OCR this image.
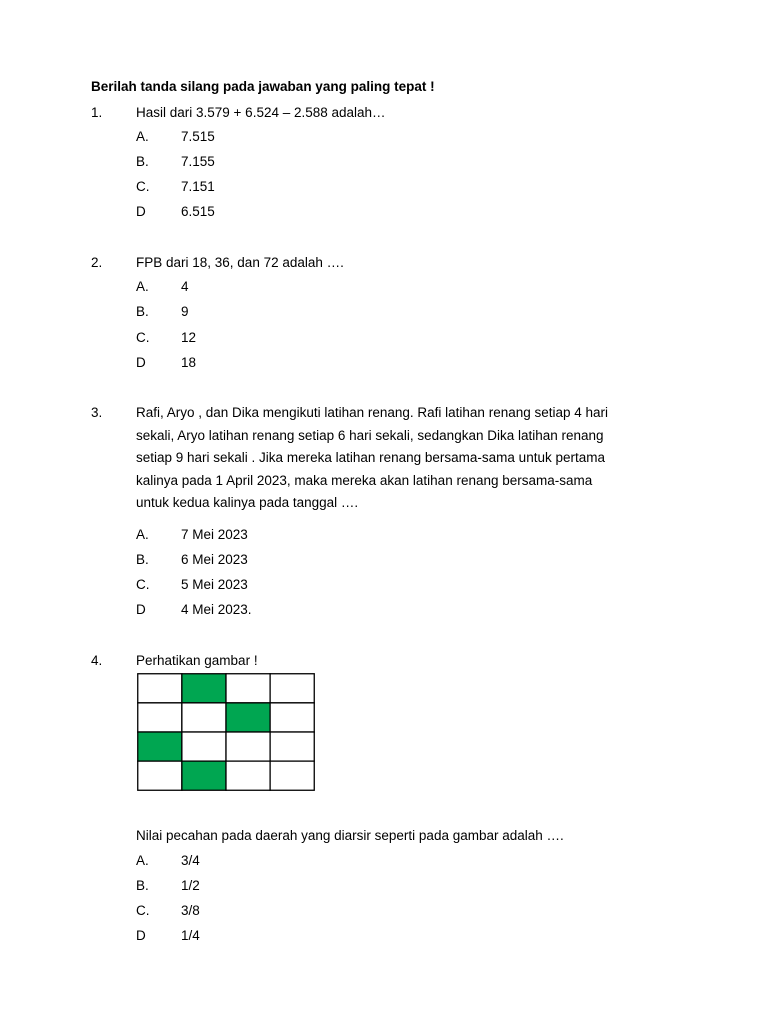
Berilah tanda silang pada jawaban yang paling tepat !
1. Hasil dari 3.579 + 6.524 – 2.588 adalah…
A. 7.515
B. 7.155
C. 7.151
D	6.515
2. FPB dari 18, 36, dan 72 adalah ….
A. 4
B. 9
C. 12
D	18
3. Rafi, Aryo , dan Dika mengikuti latihan renang. Rafi latihan renang setiap 4 hari
sekali, Aryo latihan renang setiap 6 hari sekali, sedangkan Dika latihan renang
setiap 9 hari sekali . Jika mereka latihan renang bersama-sama untuk pertama
kalinya pada 1 April 2023, maka mereka akan latihan renang bersama-sama
untuk kedua kalinya pada tanggal ….
A. 7 Mei 2023
B. 6 Mei 2023
C. 5 Mei 2023
D	4 Mei 2023.
4. Perhatikan gambar !
Nilai pecahan pada daerah yang diarsir seperti pada gambar adalah ….
A. 3/4
B. 1/2
C. 3/8
D	1/4
